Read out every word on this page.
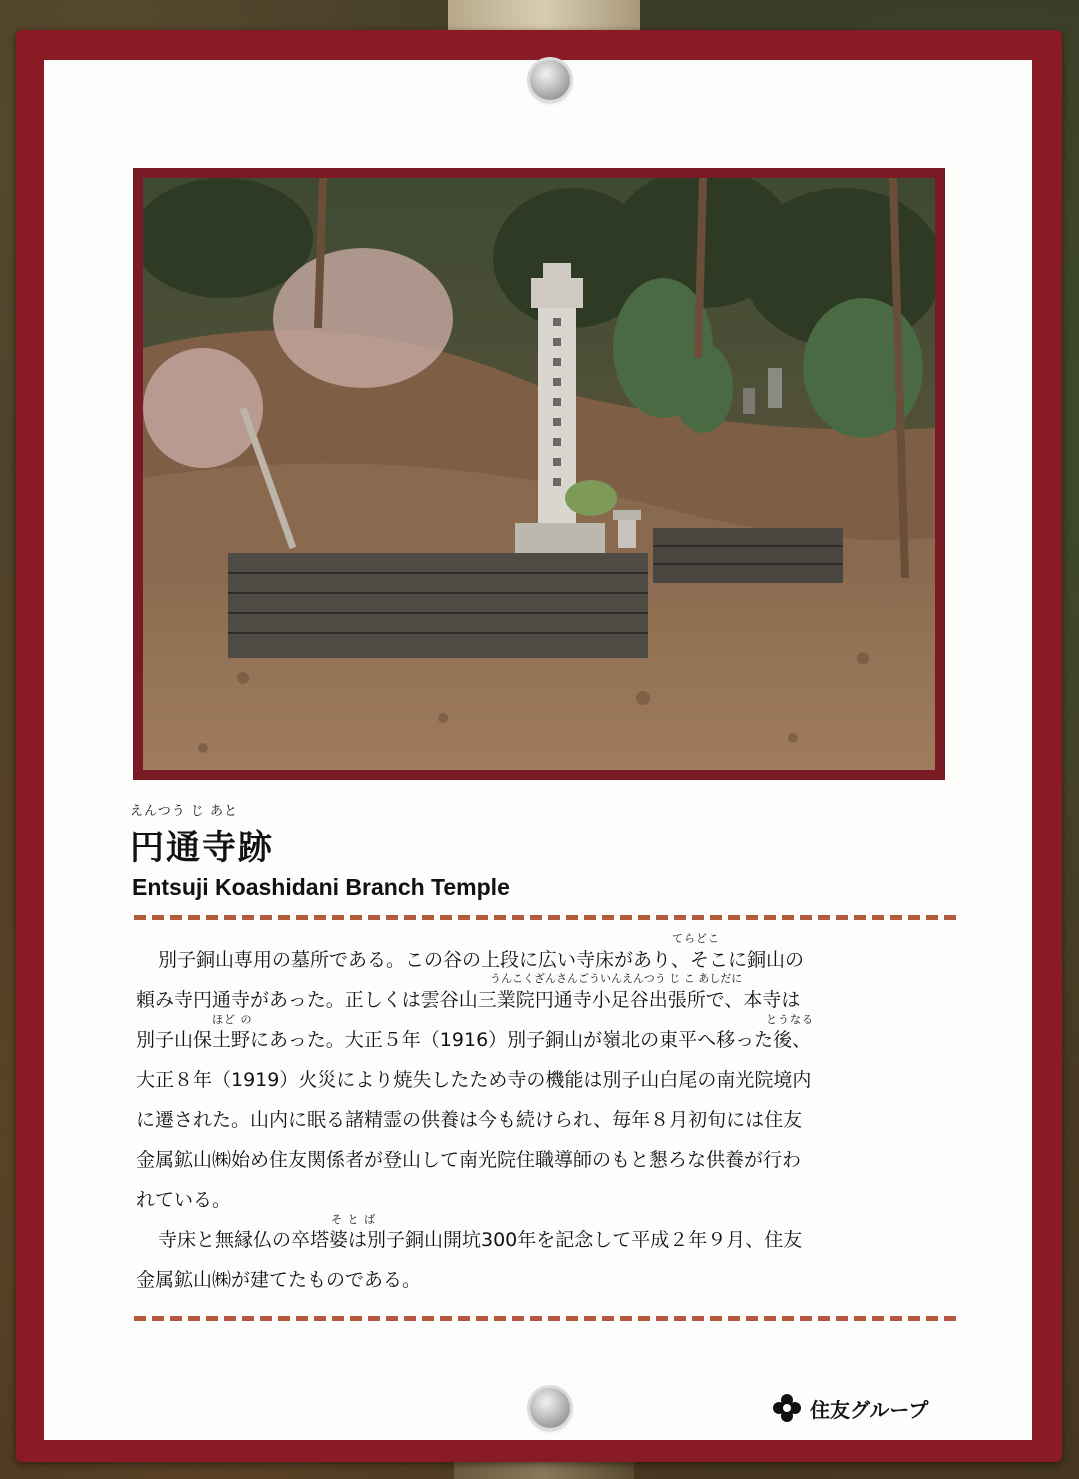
えんつう じ あと
円通寺跡
Entsuji Koashidani Branch Temple
てらどこ
うんこくざんさんごういんえんつう じ こ あしだに
ほど の	とうなる
そ と ば
別子銅山専用の墓所である。この谷の上段に広い寺床があり、そこに銅山の
頼み寺円通寺があった。正しくは雲谷山三業院円通寺小足谷出張所で、本寺は
別子山保土野にあった。大正５年（1916）別子銅山が嶺北の東平へ移った後、
大正８年（1919）火災により焼失したため寺の機能は別子山白尾の南光院境内
に遷された。山内に眠る諸精霊の供養は今も続けられ、毎年８月初旬には住友
金属鉱山㈱始め住友関係者が登山して南光院住職導師のもと懇ろな供養が行わ
れている。
寺床と無縁仏の卒塔婆は別子銅山開坑300年を記念して平成２年９月、住友
金属鉱山㈱が建てたものである。
住友グループ
